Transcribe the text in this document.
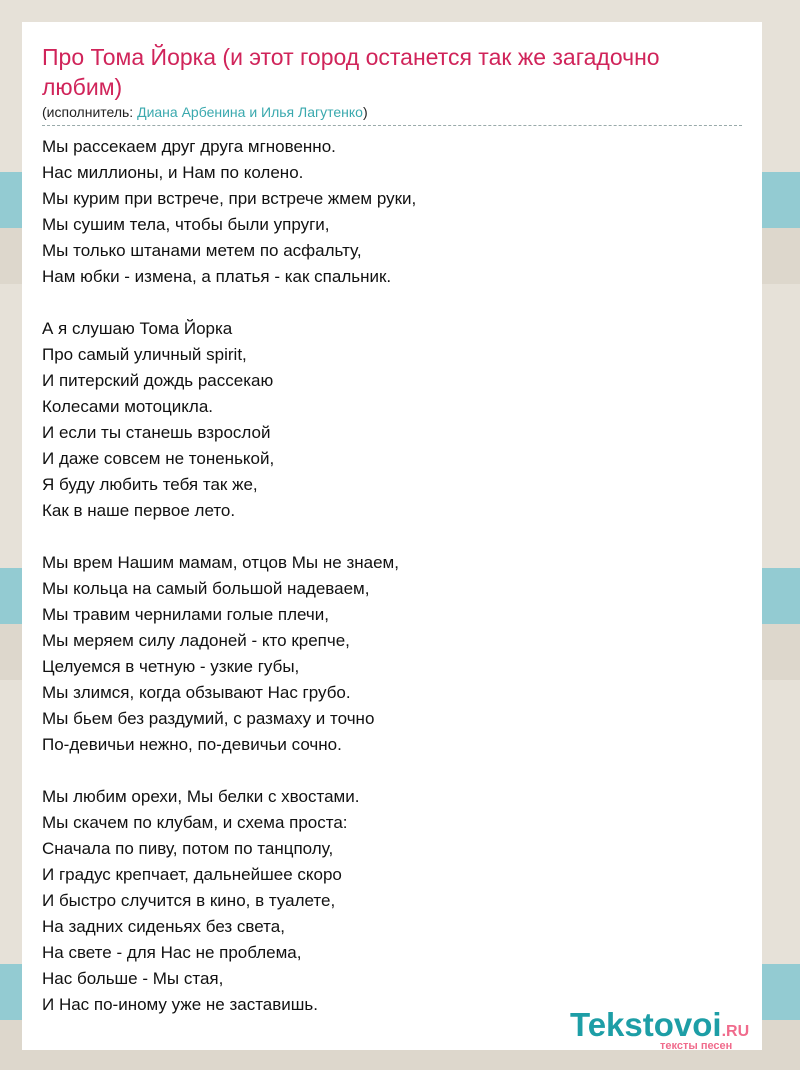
Про Тома Йорка (и этот город останется так же загадочно любим)
(исполнитель: Диана Арбенина и Илья Лагутенко)
Мы рассекаем друг друга мгновенно.
Нас миллионы, и Нам по колено.
Мы курим при встрече, при встрече жмем руки,
Мы сушим тела, чтобы были упруги,
Мы только штанами метем по асфальту,
Нам юбки - измена, а платья - как спальник.
А я слушаю Тома Йорка
Про самый уличный spirit,
И питерский дождь рассекаю
Колесами мотоцикла.
И если ты станешь взрослой
И даже совсем не тоненькой,
Я буду любить тебя так же,
Как в наше первое лето.
Мы врем Нашим мамам, отцов Мы не знаем,
Мы кольца на самый большой надеваем,
Мы травим чернилами голые плечи,
Мы меряем силу ладоней - кто крепче,
Целуемся в четную - узкие губы,
Мы злимся, когда обзывают Нас грубо.
Мы бьем без раздумий, с размаху и точно
По-девичьи нежно, по-девичьи сочно.
Мы любим орехи, Мы белки с хвостами.
Мы скачем по клубам, и схема проста:
Сначала по пиву, потом по танцполу,
И градус крепчает, дальнейшее скоро
И быстро случится в кино, в туалете,
На задних сиденьях без света,
На свете - для Нас не проблема,
Нас больше - Мы стая,
И Нас по-иному уже не заставишь.
Tekstovoi.RU
тексты песен
